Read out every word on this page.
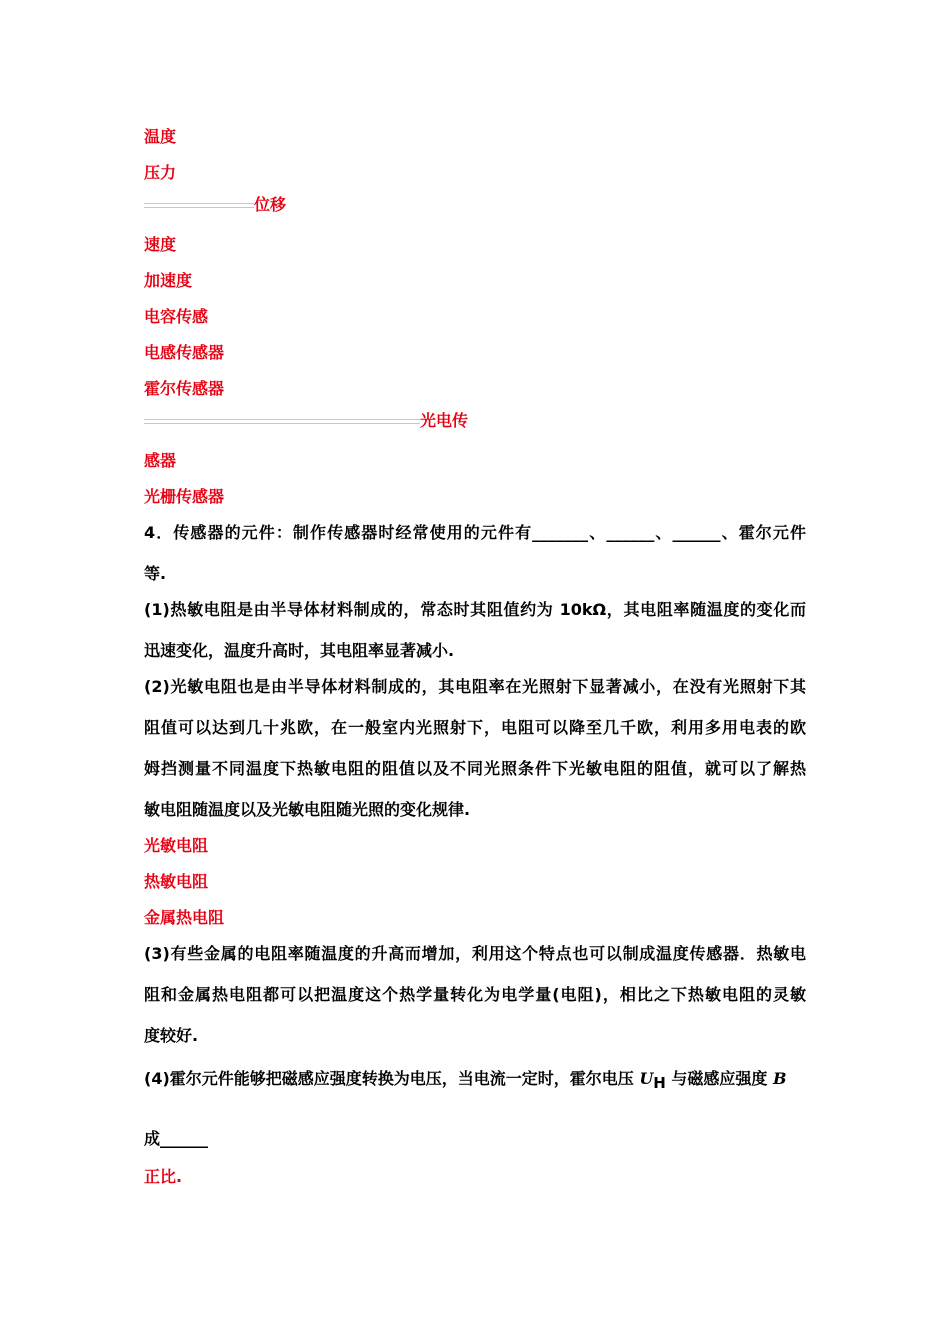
温度
压力
位移
速度
加速度
电容传感
电感传感器
霍尔传感器
光电传
感器
光栅传感器
4．传感器的元件：制作传感器时经常使用的元件有_______、______、______、霍尔元件
等.
(1)热敏电阻是由半导体材料制成的，常态时其阻值约为 10kΩ，其电阻率随温度的变化而
迅速变化，温度升高时，其电阻率显著减小.
(2)光敏电阻也是由半导体材料制成的，其电阻率在光照射下显著减小，在没有光照射下其
阻值可以达到几十兆欧，在一般室内光照射下，电阻可以降至几千欧，利用多用电表的欧
姆挡测量不同温度下热敏电阻的阻值以及不同光照条件下光敏电阻的阻值，就可以了解热
敏电阻随温度以及光敏电阻随光照的变化规律.
光敏电阻
热敏电阻
金属热电阻
(3)有些金属的电阻率随温度的升高而增加，利用这个特点也可以制成温度传感器．热敏电
阻和金属热电阻都可以把温度这个热学量转化为电学量(电阻)，相比之下热敏电阻的灵敏
度较好.
(4)霍尔元件能够把磁感应强度转换为电压，当电流一定时，霍尔电压 $U_H$ 与磁感应强度 B
成______
正比.
